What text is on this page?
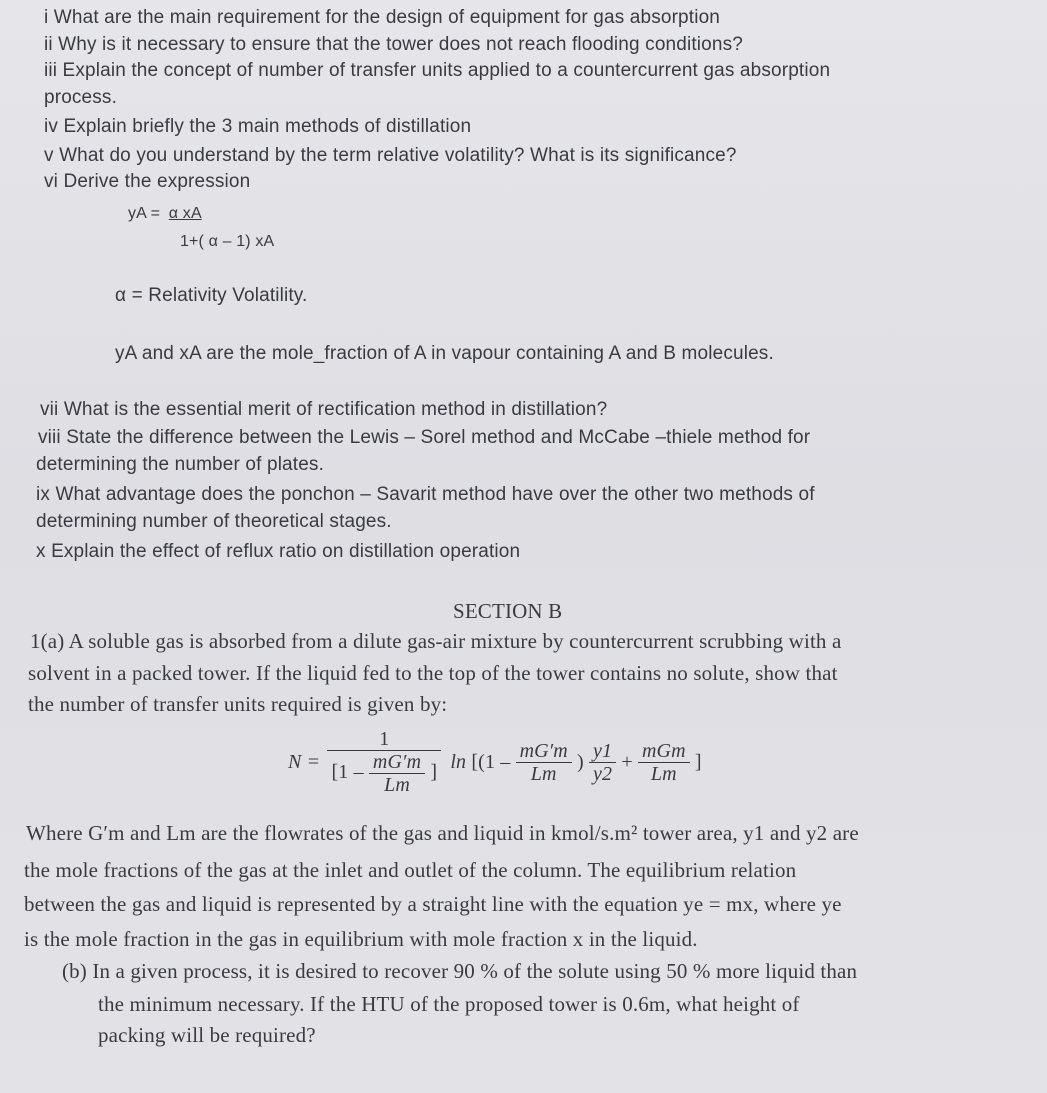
i What are the main requirement for the design of equipment for gas absorption
ii Why is it necessary to ensure that the tower does not reach flooding conditions?
iii Explain the concept of number of transfer units applied to a countercurrent gas absorption
process.
iv Explain briefly the 3 main methods of distillation
v What do you understand by the term relative volatility? What is its significance?
vi Derive the expression
yA = α xA
1+( α – 1) xA
α = Relativity Volatility.
yA and xA are the mole_fraction of A in vapour containing A and B molecules.
vii What is the essential merit of rectification method in distillation?
viii State the difference between the Lewis – Sorel method and McCabe –thiele method for
determining the number of plates.
ix What advantage does the ponchon – Savarit method have over the other two methods of
determining number of theoretical stages.
x Explain the effect of reflux ratio on distillation operation
SECTION B
1(a) A soluble gas is absorbed from a dilute gas-air mixture by countercurrent scrubbing with a
solvent in a packed tower. If the liquid fed to the top of the tower contains no solute, show that
the number of transfer units required is given by:
$N = \frac{1}{[1 - \frac{mG'm}{Lm} ]}$ $\ln [(1 - \frac{mG'm}{Lm}$ ) $\frac{y1}{y2} + \frac{\text{mGm}}{Lm}$ ]
Where G′m and Lm are the flowrates of the gas and liquid in kmol/s.m² tower area, y1 and y2 are
the mole fractions of the gas at the inlet and outlet of the column. The equilibrium relation
between the gas and liquid is represented by a straight line with the equation ye = mx, where ye
is the mole fraction in the gas in equilibrium with mole fraction x in the liquid.
(b) In a given process, it is desired to recover 90 % of the solute using 50 % more liquid than
the minimum necessary. If the HTU of the proposed tower is 0.6m, what height of
packing will be required?
